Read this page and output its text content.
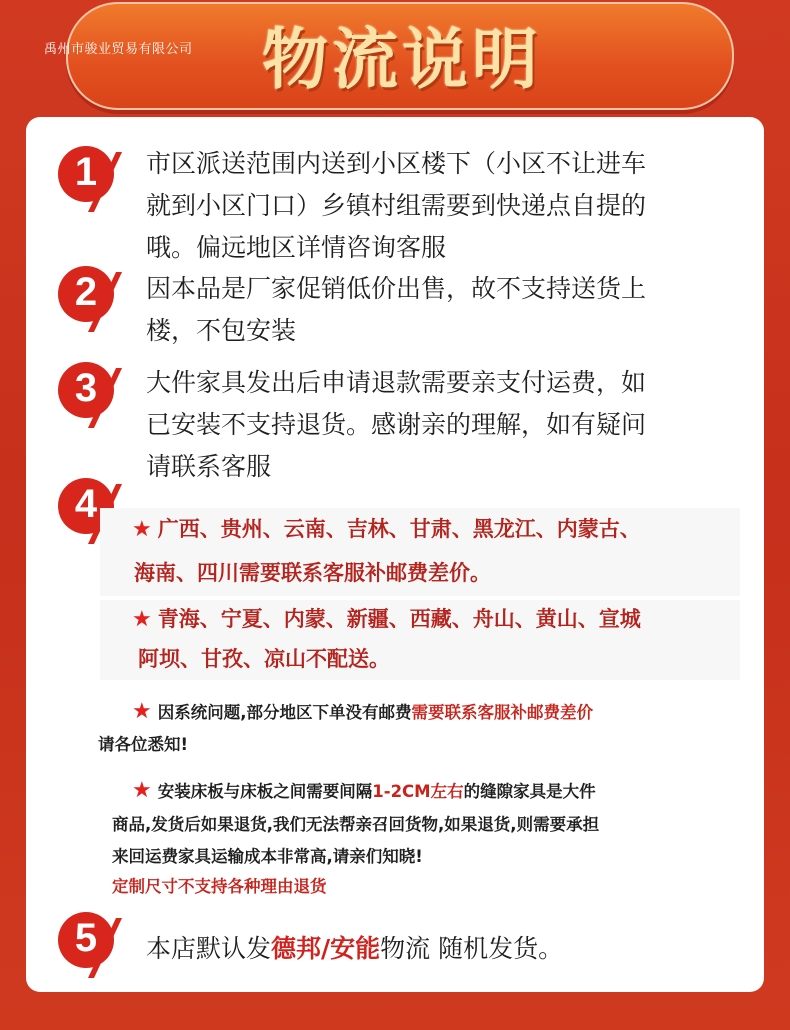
禹州市骏业贸易有限公司	物流说明
1	市区派送范围内送到小区楼下（小区不让进车
就到小区门口）乡镇村组需要到快递点自提的
哦。偏远地区详情咨询客服
2	因本品是厂家促销低价出售，故不支持送货上
楼，不包安装
3	大件家具发出后申请退款需要亲支付运费，如
已安装不支持退货。感谢亲的理解，如有疑问
请联系客服
4
★ 广西、贵州、云南、吉林、甘肃、黑龙江、内蒙古、
海南、四川需要联系客服补邮费差价。
★ 青海、宁夏、内蒙、新疆、西藏、舟山、黄山、宣城
阿坝、甘孜、凉山不配送。
★ 因系统问题,部分地区下单没有邮费需要联系客服补邮费差价
请各位悉知!
★ 安装床板与床板之间需要间隔1-2CM左右的缝隙家具是大件
商品,发货后如果退货,我们无法帮亲召回货物,如果退货,则需要承担
来回运费家具运输成本非常高,请亲们知晓!
定制尺寸不支持各种理由退货
5	本店默认发德邦/安能物流 随机发货。
